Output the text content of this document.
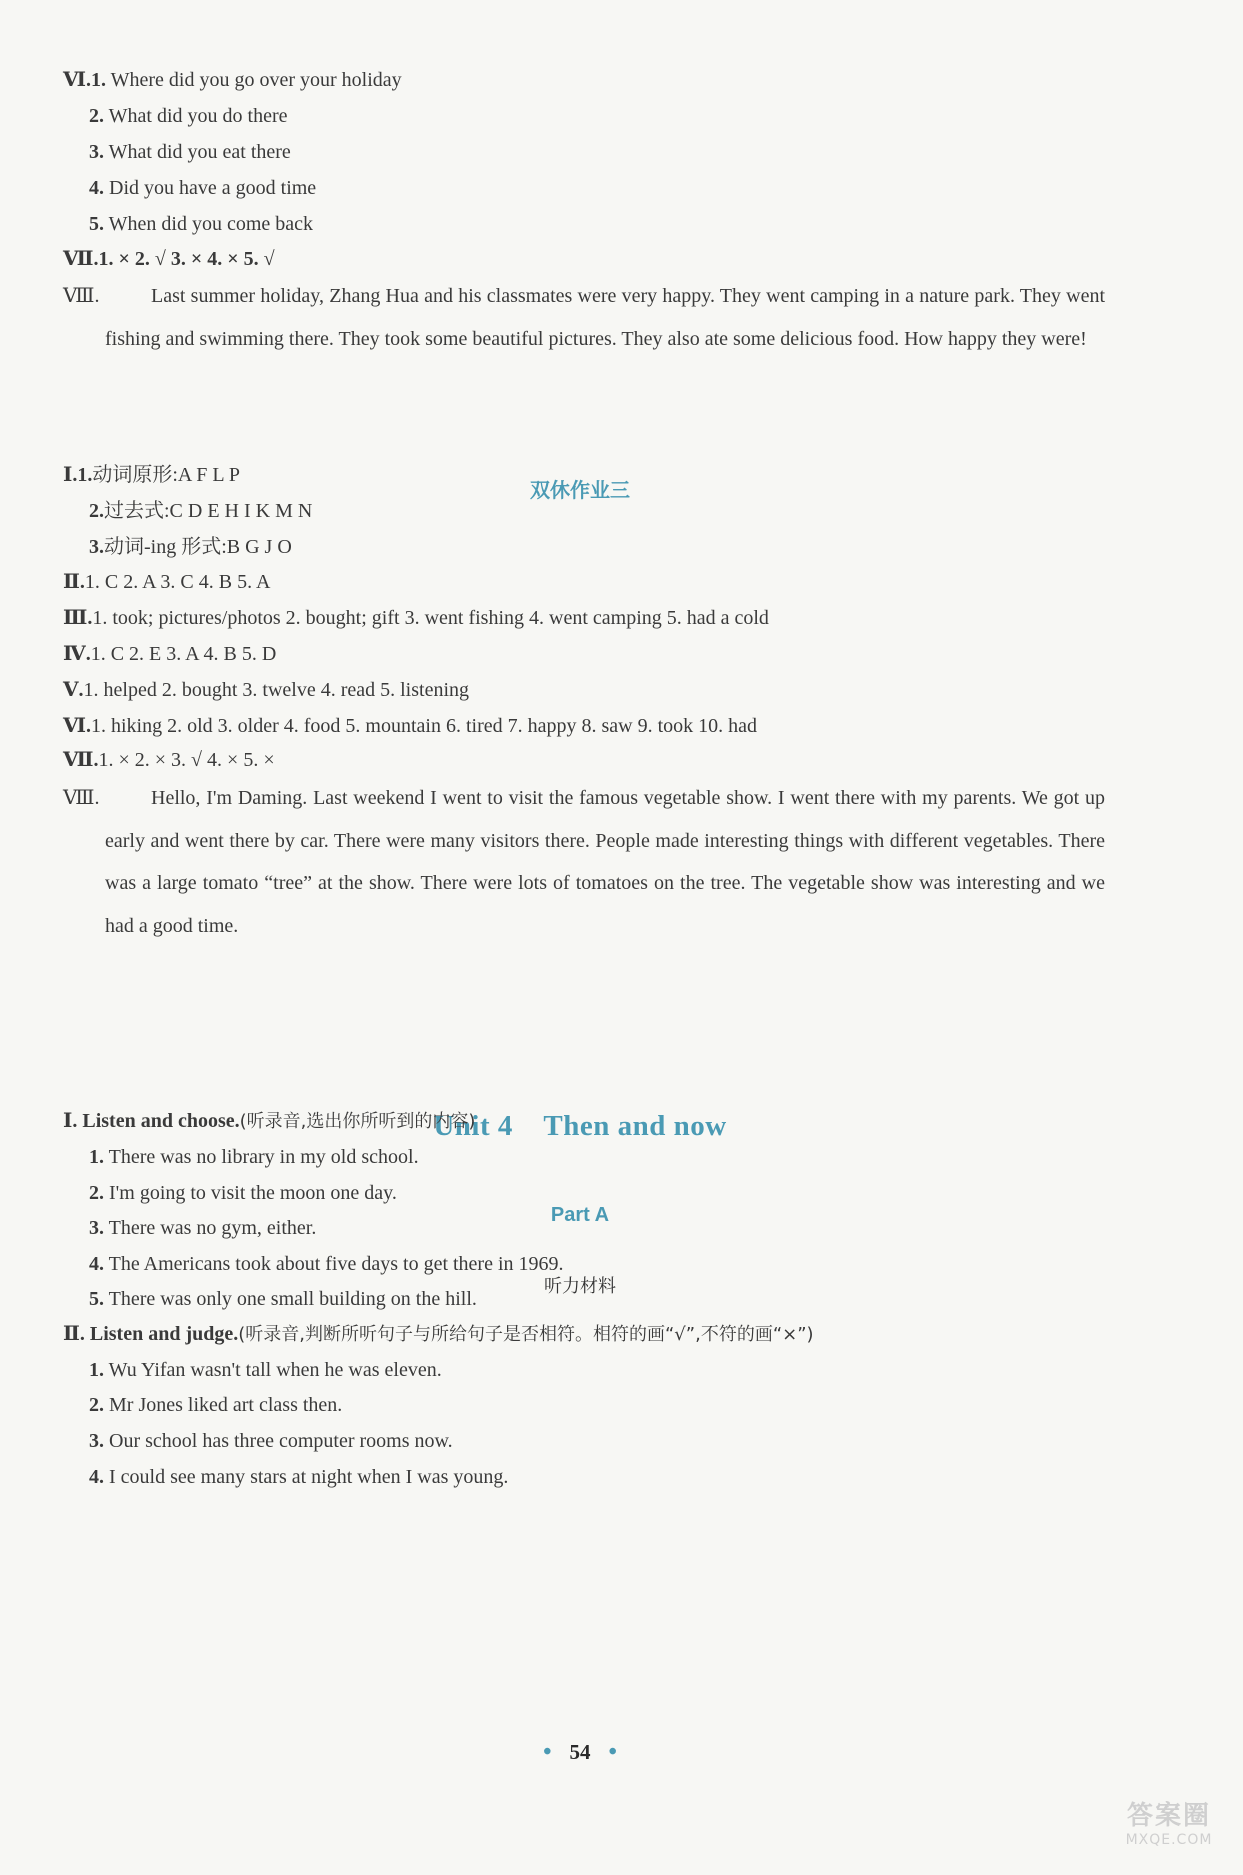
Ⅵ.1. Where did you go over your holiday
2. What did you do there
3. What did you eat there
4. Did you have a good time
5. When did you come back
Ⅶ.1. × 2. √ 3. × 4. × 5. √
Ⅷ.	Last summer holiday, Zhang Hua and his classmates were very happy. They went camping in a nature park. They went fishing and swimming there. They took some beautiful pictures. They also ate some delicious food. How happy they were!
双休作业三
Ⅰ.1.动词原形:A F L P
2.过去式:C D E H I K M N
3.动词-ing 形式:B G J O
Ⅱ.1. C 2. A 3. C 4. B 5. A
Ⅲ.1. took; pictures/photos 2. bought; gift 3. went fishing 4. went camping 5. had a cold
Ⅳ.1. C 2. E 3. A 4. B 5. D
Ⅴ.1. helped 2. bought 3. twelve 4. read 5. listening
Ⅵ.1. hiking 2. old 3. older 4. food 5. mountain 6. tired 7. happy 8. saw 9. took 10. had
Ⅶ.1. × 2. × 3. √ 4. × 5. ×
Ⅷ.	Hello, I'm Daming. Last weekend I went to visit the famous vegetable show. I went there with my parents. We got up early and went there by car. There were many visitors there. People made interesting things with different vegetables. There was a large tomato “tree” at the show. There were lots of tomatoes on the tree. The vegetable show was interesting and we had a good time.
Unit 4    Then and now
Part A
听力材料
Ⅰ. Listen and choose.(听录音,选出你所听到的内容)
1. There was no library in my old school.
2. I'm going to visit the moon one day.
3. There was no gym, either.
4. The Americans took about five days to get there in 1969.
5. There was only one small building on the hill.
Ⅱ. Listen and judge.(听录音,判断所听句子与所给句子是否相符。相符的画“√”,不符的画“×”)
1. Wu Yifan wasn't tall when he was eleven.
2. Mr Jones liked art class then.
3. Our school has three computer rooms now.
4. I could see many stars at night when I was young.
• 54 •
答案圈
MXQE.COM
